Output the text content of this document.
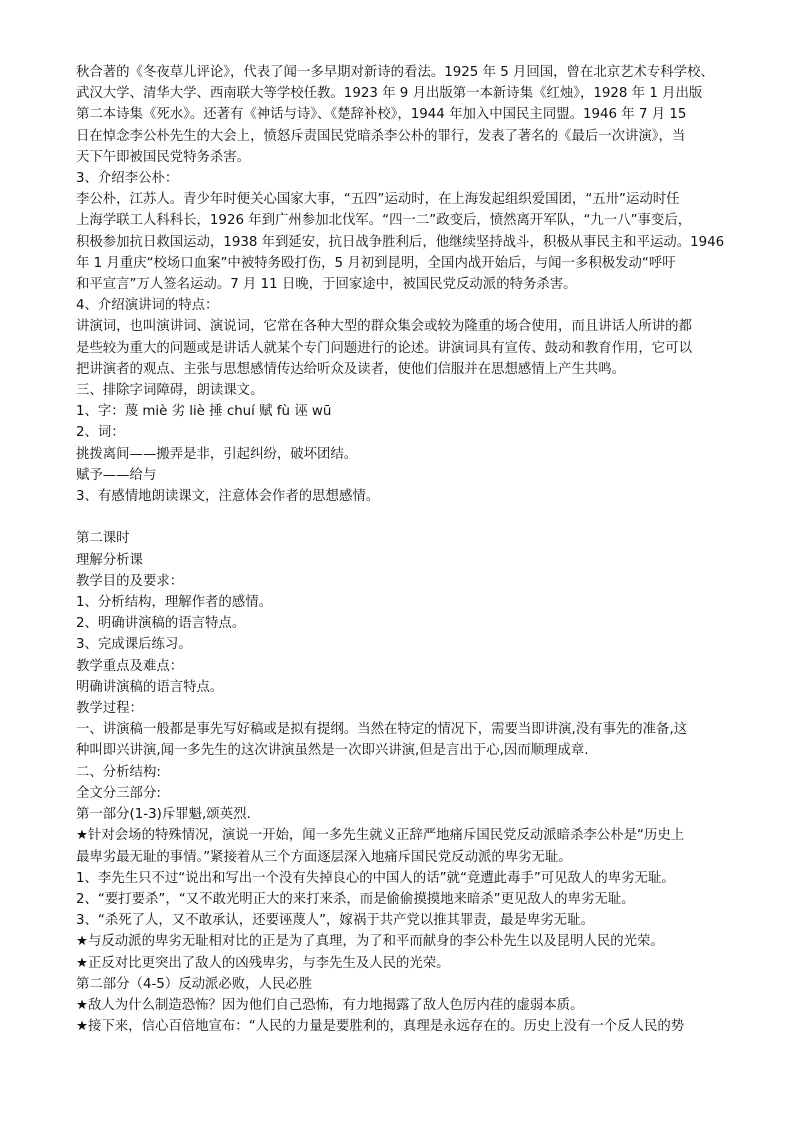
秋合著的《冬夜草儿评论》，代表了闻一多早期对新诗的看法。1925 年 5 月回国，曾在北京艺术专科学校、
武汉大学、清华大学、西南联大等学校任教。1923 年 9 月出版第一本新诗集《红烛》，1928 年 1 月出版
第二本诗集《死水》。还著有《神话与诗》、《楚辞补校》，1944 年加入中国民主同盟。1946 年 7 月 15
日在悼念李公朴先生的大会上，愤怒斥责国民党暗杀李公朴的罪行，发表了著名的《最后一次讲演》，当
天下午即被国民党特务杀害。
3、介绍李公朴：
李公朴，江苏人。青少年时便关心国家大事，“五四”运动时，在上海发起组织爱国团，“五卅”运动时任
上海学联工人科科长，1926 年到广州参加北伐军。“四一二”政变后，愤然离开军队，“九一八”事变后，
积极参加抗日救国运动，1938 年到延安，抗日战争胜利后，他继续坚持战斗，积极从事民主和平运动。1946
年 1 月重庆“校场口血案”中被特务殴打伤，5 月初到昆明，全国内战开始后，与闻一多积极发动“呼吁
和平宣言”万人签名运动。7 月 11 日晚，于回家途中，被国民党反动派的特务杀害。
4、介绍演讲词的特点：
讲演词，也叫演讲词、演说词，它常在各种大型的群众集会或较为隆重的场合使用，而且讲话人所讲的都
是些较为重大的问题或是讲话人就某个专门问题进行的论述。讲演词具有宣传、鼓动和教育作用，它可以
把讲演者的观点、主张与思想感情传达给听众及读者，使他们信服并在思想感情上产生共鸣。
三、排除字词障碍，朗读课文。
1、字：蔑 miè 劣 liè 捶 chuí 赋 fù 诬 wū
2、词：
挑拨离间——搬弄是非，引起纠纷，破坏团结。
赋予——给与
3、有感情地朗读课文，注意体会作者的思想感情。
第二课时
理解分析课
教学目的及要求：
1、分析结构，理解作者的感情。
2、明确讲演稿的语言特点。
3、完成课后练习。
教学重点及难点：
明确讲演稿的语言特点。
教学过程：
一、讲演稿一般都是事先写好稿或是拟有提纲。当然在特定的情况下，需要当即讲演,没有事先的准备,这
种叫即兴讲演,闻一多先生的这次讲演虽然是一次即兴讲演,但是言出于心,因而顺理成章.
二、分析结构:
全文分三部分:
第一部分(1-3)斥罪魁,颂英烈.
★针对会场的特殊情况，演说一开始，闻一多先生就义正辞严地痛斥国民党反动派暗杀李公朴是“历史上
最卑劣最无耻的事情。”紧接着从三个方面逐层深入地痛斥国民党反动派的卑劣无耻。
1、李先生只不过“说出和写出一个没有失掉良心的中国人的话”就“竟遭此毒手”可见敌人的卑劣无耻。
2、“要打要杀”，“又不敢光明正大的来打来杀，而是偷偷摸摸地来暗杀”更见敌人的卑劣无耻。
3、“杀死了人，又不敢承认，还要诬蔑人”，嫁祸于共产党以推其罪责，最是卑劣无耻。
★与反动派的卑劣无耻相对比的正是为了真理，为了和平而献身的李公朴先生以及昆明人民的光荣。
★正反对比更突出了敌人的凶残卑劣，与李先生及人民的光荣。
第二部分（4-5）反动派必败，人民必胜
★敌人为什么制造恐怖？因为他们自己恐怖，有力地揭露了敌人色厉内荏的虚弱本质。
★接下来，信心百倍地宣布：“人民的力量是要胜利的，真理是永远存在的。历史上没有一个反人民的势
